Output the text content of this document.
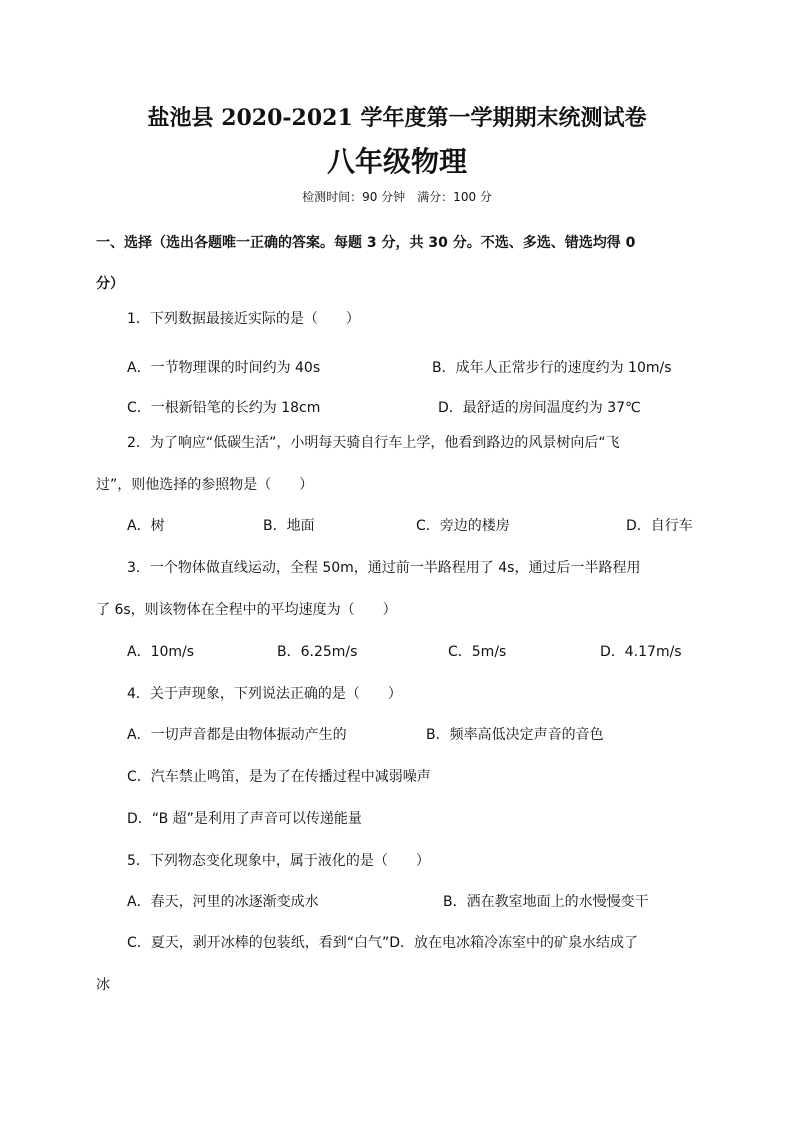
盐池县 2020-2021 学年度第一学期期末统测试卷
八年级物理
检测时间：90 分钟　满分：100 分
一、选择（选出各题唯一正确的答案。每题 3 分，共 30 分。不选、多选、错选均得 0
分）
1．下列数据最接近实际的是（　　）
A．一节物理课的时间约为 40s	B．成年人正常步行的速度约为 10m/s
C．一根新铅笔的长约为 18cm	D．最舒适的房间温度约为 37℃
2．为了响应“低碳生活”，小明每天骑自行车上学，他看到路边的风景树向后“飞
过”，则他选择的参照物是（　　）
A．树	B．地面	C．旁边的楼房	D．自行车
3．一个物体做直线运动，全程 50m，通过前一半路程用了 4s，通过后一半路程用
了 6s，则该物体在全程中的平均速度为（　　）
A．10m/s	B．6.25m/s	C．5m/s	D．4.17m/s
4．关于声现象，下列说法正确的是（　　）
A．一切声音都是由物体振动产生的	B．频率高低决定声音的音色
C．汽车禁止鸣笛，是为了在传播过程中减弱噪声
D．“B 超”是利用了声音可以传递能量
5．下列物态变化现象中，属于液化的是（　　）
A．春天，河里的冰逐渐变成水	B．洒在教室地面上的水慢慢变干
C．夏天，剥开冰棒的包装纸，看到“白气”D．放在电冰箱冷冻室中的矿泉水结成了
冰
